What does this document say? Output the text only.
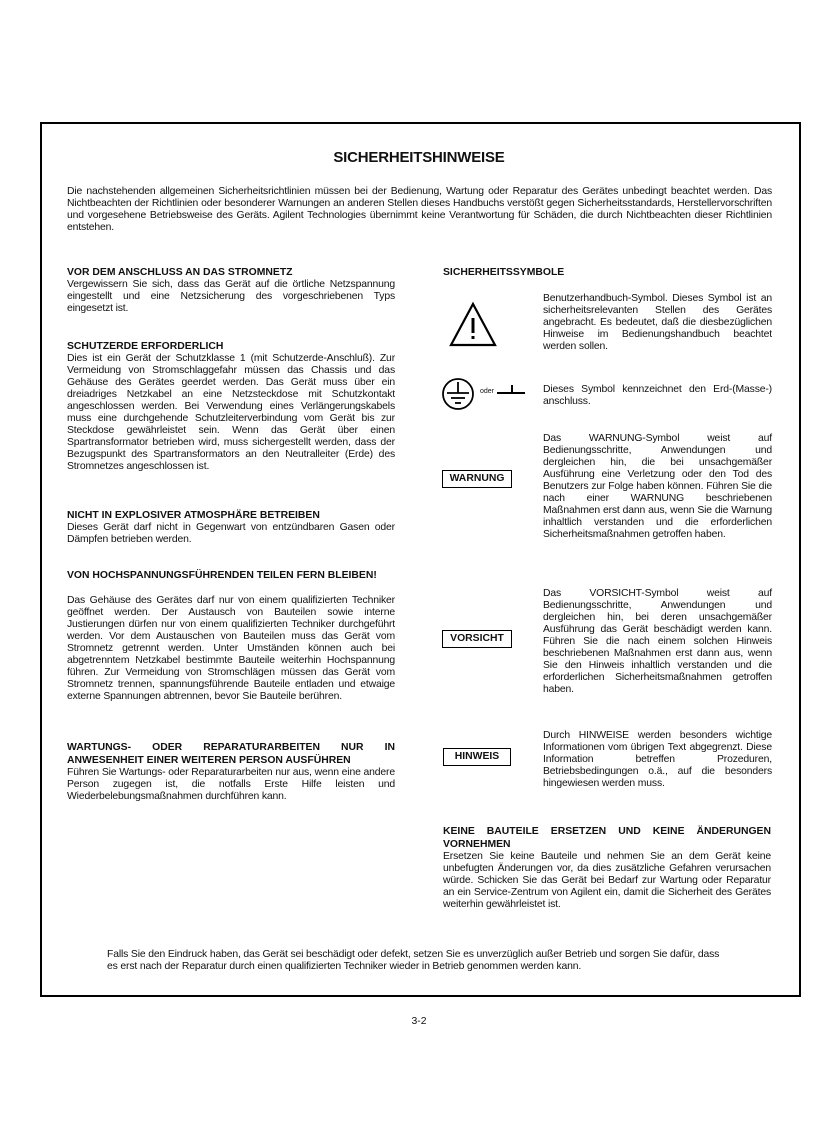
SICHERHEITSHINWEISE
Die nachstehenden allgemeinen Sicherheitsrichtlinien müssen bei der Bedienung, Wartung oder Reparatur des Gerätes unbedingt beachtet werden. Das Nichtbeachten der Richtlinien oder besonderer Warnungen an anderen Stellen dieses Handbuchs verstößt gegen Sicherheitsstandards, Herstellervorschriften und vorgesehene Betriebsweise des Geräts. Agilent Technologies übernimmt keine Verantwortung für Schäden, die durch Nichtbeachten dieser Richtlinien entstehen.
VOR DEM ANSCHLUSS AN DAS STROMNETZ
Vergewissern Sie sich, dass das Gerät auf die örtliche Netzspannung eingestellt und eine Netzsicherung des vorgeschriebenen Typs eingesetzt ist.
SCHUTZERDE ERFORDERLICH
Dies ist ein Gerät der Schutzklasse 1 (mit Schutzerde-Anschluß). Zur Vermeidung von Stromschlaggefahr müssen das Chassis und das Gehäuse des Gerätes geerdet werden. Das Gerät muss über ein dreiadriges Netzkabel an eine Netzsteckdose mit Schutzkontakt angeschlossen werden. Bei Verwendung eines Verlängerungskabels muss eine durchgehende Schutzleiterverbindung vom Gerät bis zur Steckdose gewährleistet sein. Wenn das Gerät über einen Spartransformator betrieben wird, muss sichergestellt werden, dass der Bezugspunkt des Spartransformators an den Neutralleiter (Erde) des Stromnetzes angeschlossen ist.
NICHT IN EXPLOSIVER ATMOSPHÄRE BETREIBEN
Dieses Gerät darf nicht in Gegenwart von entzündbaren Gasen oder Dämpfen betrieben werden.
VON HOCHSPANNUNGSFÜHRENDEN TEILEN FERN BLEIBEN!
Das Gehäuse des Gerätes darf nur von einem qualifizierten Techniker geöffnet werden. Der Austausch von Bauteilen sowie interne Justierungen dürfen nur von einem qualifizierten Techniker durchgeführt werden. Vor dem Austauschen von Bauteilen muss das Gerät vom Stromnetz getrennt werden. Unter Umständen können auch bei abgetrenntem Netzkabel bestimmte Bauteile weiterhin Hochspannung führen. Zur Vermeidung von Stromschlägen müssen das Gerät vom Stromnetz trennen, spannungsführende Bauteile entladen und etwaige externe Spannungen abtrennen, bevor Sie Bauteile berühren.
WARTUNGS- ODER REPARATURARBEITEN NUR IN ANWESENHEIT EINER WEITEREN PERSON AUSFÜHREN
Führen Sie Wartungs- oder Reparaturarbeiten nur aus, wenn eine andere Person zugegen ist, die notfalls Erste Hilfe leisten und Wiederbelebungsmaßnahmen durchführen kann.
SICHERHEITSSYMBOLE
Benutzerhandbuch-Symbol. Dieses Symbol ist an sicherheitsrelevanten Stellen des Gerätes angebracht. Es bedeutet, daß die diesbezüglichen Hinweise im Bedienungshandbuch beachtet werden sollen.
oder	Dieses Symbol kennzeichnet den Erd-(Masse-) anschluss.
WARNUNG
Das WARNUNG-Symbol weist auf Bedienungsschritte, Anwendungen und dergleichen hin, die bei unsachgemäßer Ausführung eine Verletzung oder den Tod des Benutzers zur Folge haben können. Führen Sie die nach einer WARNUNG beschriebenen Maßnahmen erst dann aus, wenn Sie die Warnung inhaltlich verstanden und die erforderlichen Sicherheitsmaßnahmen getroffen haben.
VORSICHT
Das VORSICHT-Symbol weist auf Bedienungsschritte, Anwendungen und dergleichen hin, bei deren unsachgemäßer Ausführung das Gerät beschädigt werden kann. Führen Sie die nach einem solchen Hinweis beschriebenen Maßnahmen erst dann aus, wenn Sie den Hinweis inhaltlich verstanden und die erforderlichen Sicherheitsmaßnahmen getroffen haben.
HINWEIS
Durch HINWEISE werden besonders wichtige Informationen vom übrigen Text abgegrenzt. Diese Information betreffen Prozeduren, Betriebsbedingungen o.ä., auf die besonders hingewiesen werden muss.
KEINE BAUTEILE ERSETZEN UND KEINE ÄNDERUNGEN VORNEHMEN
Ersetzen Sie keine Bauteile und nehmen Sie an dem Gerät keine unbefugten Änderungen vor, da dies zusätzliche Gefahren verursachen würde. Schicken Sie das Gerät bei Bedarf zur Wartung oder Reparatur an ein Service-Zentrum von Agilent ein, damit die Sicherheit des Gerätes weiterhin gewährleistet ist.
Falls Sie den Eindruck haben, das Gerät sei beschädigt oder defekt, setzen Sie es unverzüglich außer Betrieb und sorgen Sie dafür, dass es erst nach der Reparatur durch einen qualifizierten Techniker wieder in Betrieb genommen werden kann.
3-2
